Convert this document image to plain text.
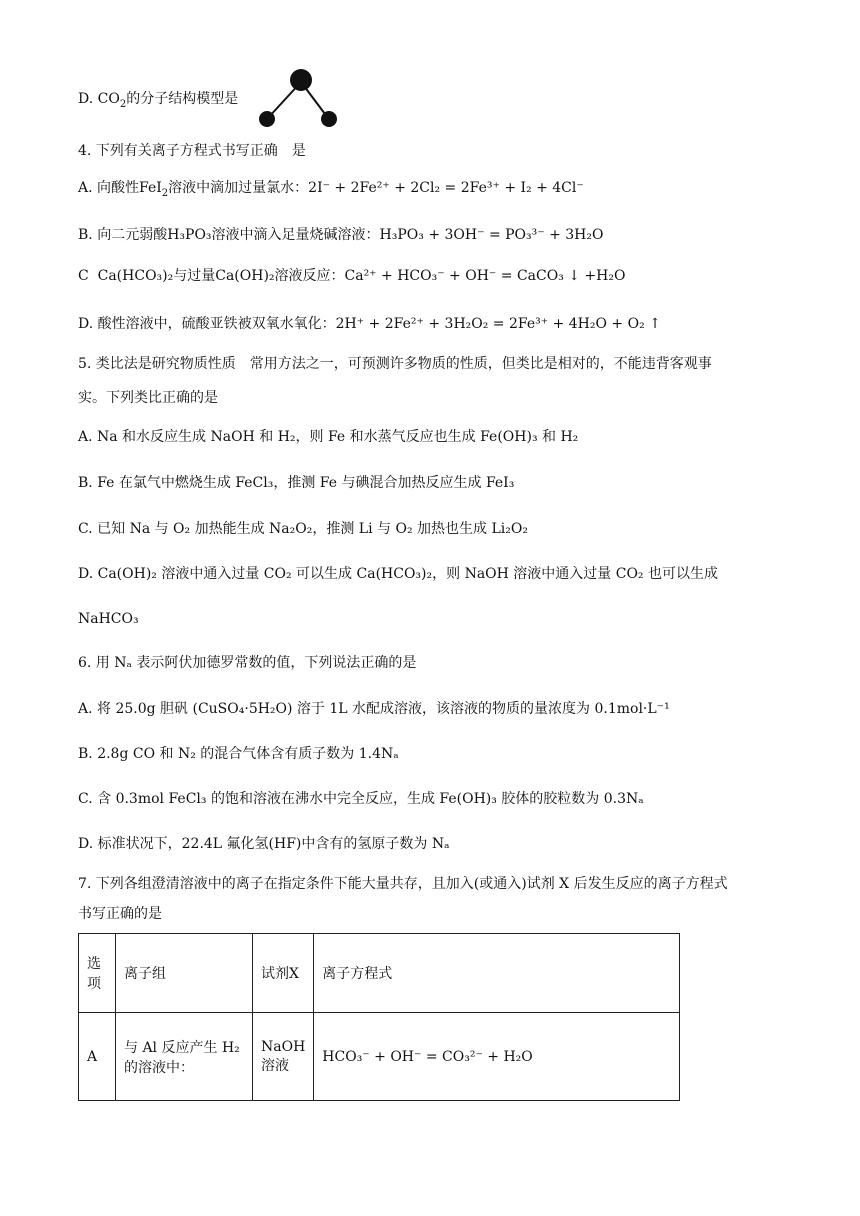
D. $CO_2$的分子结构模型是
4. 下列有关离子方程式书写正确　是
A. 向酸性FeI$_2$溶液中滴加过量氯水：2I⁻ + 2Fe²⁺ + 2Cl₂ = 2Fe³⁺ + I₂ + 4Cl⁻
B. 向二元弱酸H₃PO₃溶液中滴入足量烧碱溶液：H₃PO₃ + 3OH⁻ = PO₃³⁻ + 3H₂O
C Ca(HCO₃)₂与过量Ca(OH)₂溶液反应：Ca²⁺ + HCO₃⁻ + OH⁻ = CaCO₃ ↓ +H₂O
D. 酸性溶液中，硫酸亚铁被双氧水氧化：2H⁺ + 2Fe²⁺ + 3H₂O₂ = 2Fe³⁺ + 4H₂O + O₂ ↑
5. 类比法是研究物质性质　常用方法之一，可预测许多物质的性质，但类比是相对的，不能违背客观事
实。下列类比正确的是
A. Na 和水反应生成 NaOH 和 H₂，则 Fe 和水蒸气反应也生成 Fe(OH)₃ 和 H₂
B. Fe 在氯气中燃烧生成 FeCl₃，推测 Fe 与碘混合加热反应生成 FeI₃
C. 已知 Na 与 O₂ 加热能生成 Na₂O₂，推测 Li 与 O₂ 加热也生成 Li₂O₂
D. Ca(OH)₂ 溶液中通入过量 CO₂ 可以生成 Ca(HCO₃)₂，则 NaOH 溶液中通入过量 CO₂ 也可以生成
NaHCO₃
6. 用 Nₐ 表示阿伏加德罗常数的值，下列说法正确的是
A. 将 25.0g 胆矾 (CuSO₄·5H₂O) 溶于 1L 水配成溶液，该溶液的物质的量浓度为 0.1mol·L⁻¹
B. 2.8g CO 和 N₂ 的混合气体含有质子数为 1.4Nₐ
C. 含 0.3mol FeCl₃ 的饱和溶液在沸水中完全反应，生成 Fe(OH)₃ 胶体的胶粒数为 0.3Nₐ
D. 标准状况下，22.4L 氟化氢(HF)中含有的氢原子数为 Nₐ
7. 下列各组澄清溶液中的离子在指定条件下能大量共存，且加入(或通入)试剂 X 后发生反应的离子方程式
书写正确的是
选项	离子组	试剂X	离子方程式
A	与 Al 反应产生 H₂ 的溶液中：	NaOH 溶液	HCO₃⁻ + OH⁻ = CO₃²⁻ + H₂O
